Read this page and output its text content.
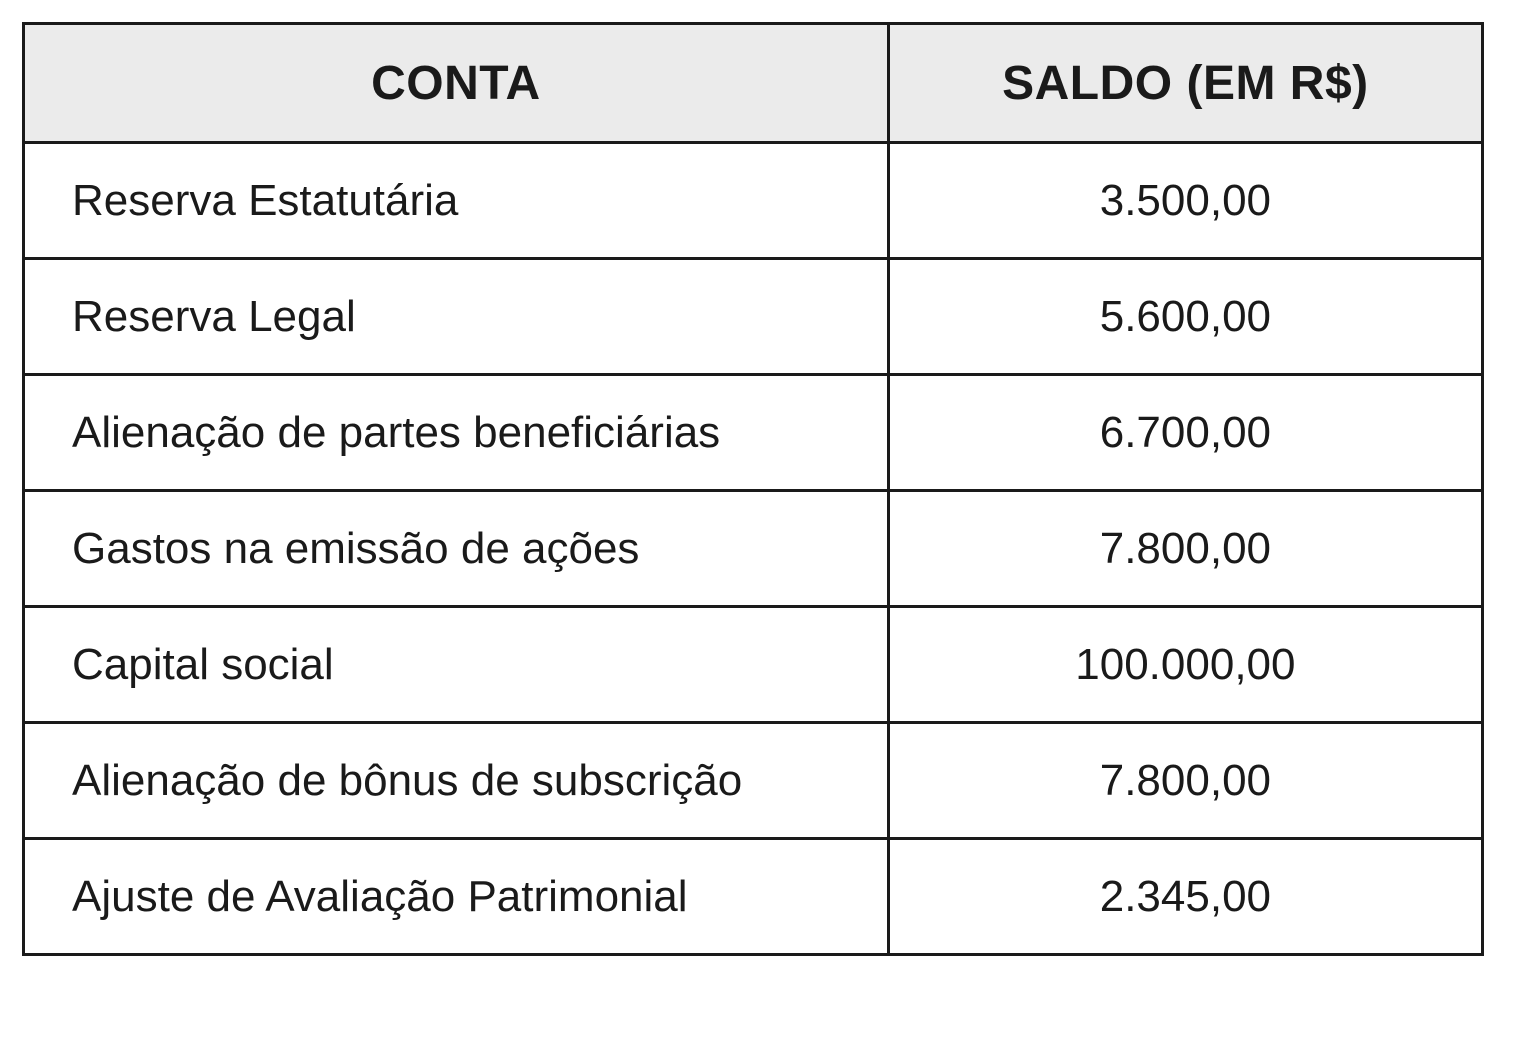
CONTA	SALDO (EM R$)
Reserva Estatutária	3.500,00
Reserva Legal	5.600,00
Alienação de partes beneficiárias	6.700,00
Gastos na emissão de ações	7.800,00
Capital social	100.000,00
Alienação de bônus de subscrição	7.800,00
Ajuste de Avaliação Patrimonial	2.345,00
